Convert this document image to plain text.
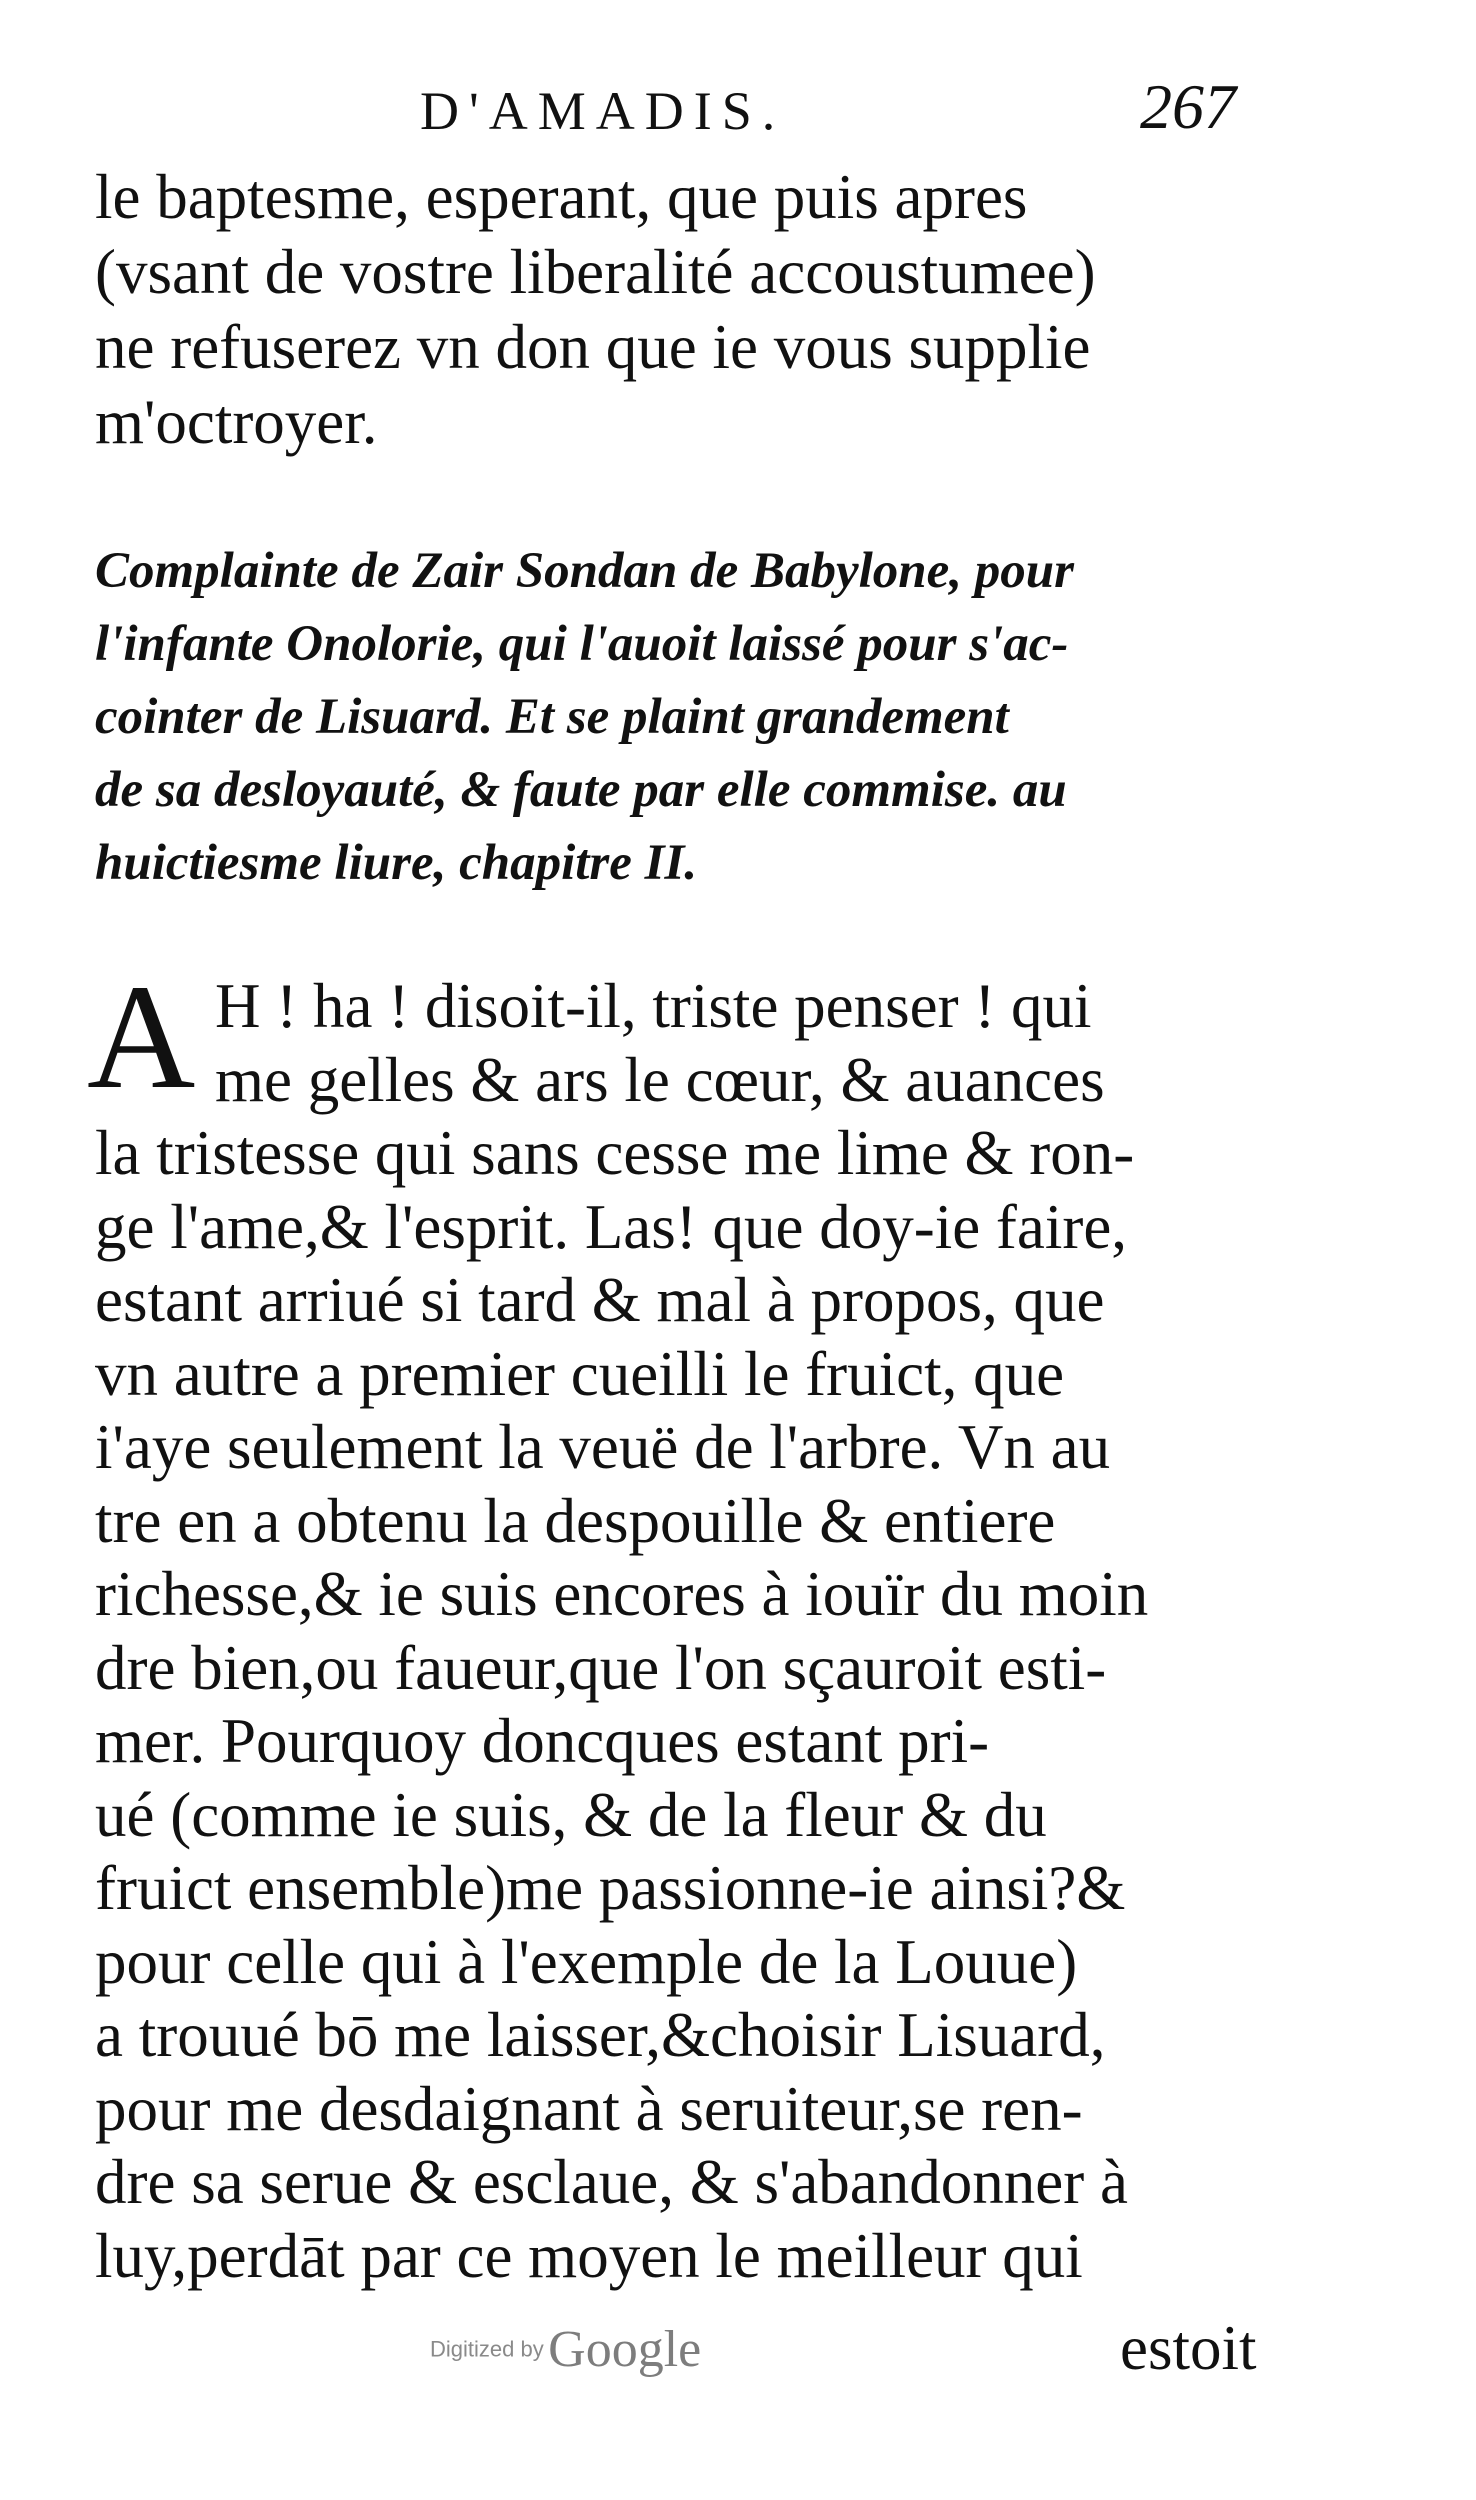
D'AMADIS.	267
le baptesme, esperant, que puis apres
(vsant de vostre liberalité accoustumee)
ne refuserez vn don que ie vous supplie
m'octroyer.
Complainte de Zair Sondan de Babylone, pour
l'infante Onolorie, qui l'auoit laissé pour s'ac-
cointer de Lisuard. Et se plaint grandement
de sa desloyauté, & faute par elle commise. au
huictiesme liure, chapitre II.
A H ! ha ! disoit-il, triste penser ! qui
me gelles & ars le cœur, & auances
la tristesse qui sans cesse me lime & ron-
ge l'ame,& l'esprit. Las! que doy-ie faire,
estant arriué si tard & mal à propos, que
vn autre a premier cueilli le fruict, que
i'aye seulement la veuë de l'arbre. Vn au
tre en a obtenu la despouille & entiere
richesse,& ie suis encores à iouïr du moin
dre bien,ou faueur,que l'on sçauroit esti-
mer. Pourquoy doncques estant pri-
ué (comme ie suis, & de la fleur & du
fruict ensemble)me passionne-ie ainsi?&
pour celle qui à l'exemple de la Louue)
a trouué bō me laisser,&choisir Lisuard,
pour me desdaignant à seruiteur,se ren-
dre sa serue & esclaue, & s'abandonner à
luy,perdāt par ce moyen le meilleur qui
Digitized by Google	estoit
